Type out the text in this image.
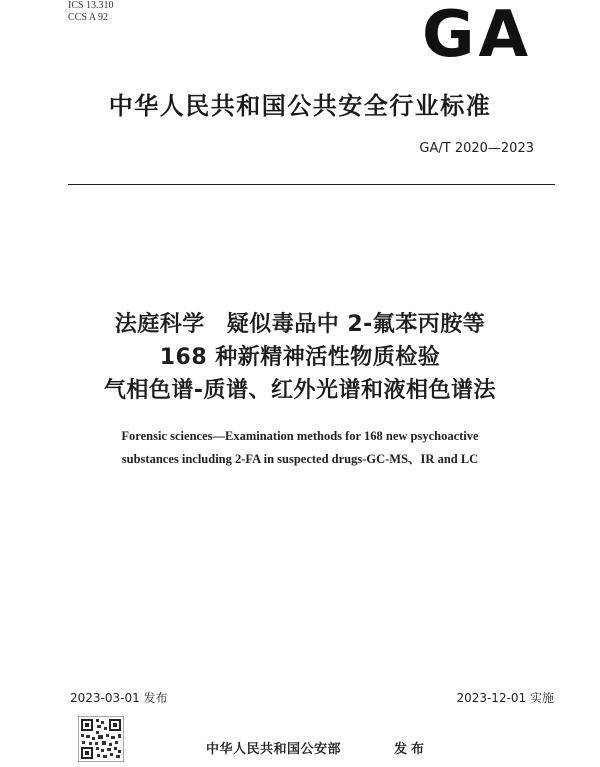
ICS 13.310
CCS A 92	GA
中华人民共和国公共安全行业标准
GA/T 2020—2023
法庭科学 疑似毒品中 2-氟苯丙胺等
168 种新精神活性物质检验
气相色谱-质谱、红外光谱和液相色谱法
Forensic sciences—Examination methods for 168 new psychoactive
substances including 2-FA in suspected drugs-GC-MS、IR and LC
2023-03-01 发布	2023-12-01 实施
中华人民共和国公安部	发布
